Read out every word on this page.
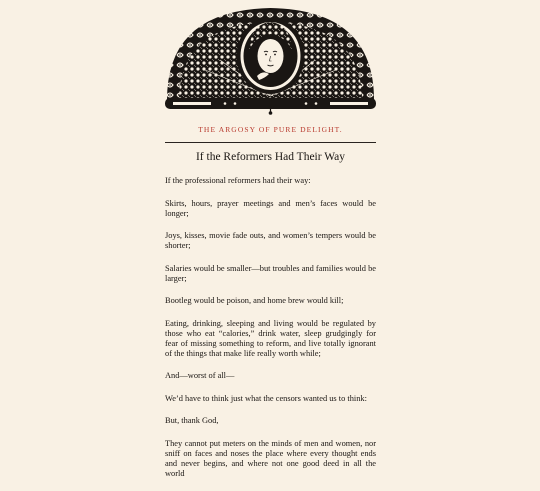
THE ARGOSY OF PURE DELIGHT.
If the Reformers Had Their Way

If the professional reformers had their way:

Skirts, hours, prayer meetings and men’s faces would be longer;

Joys, kisses, movie fade outs, and women’s tempers would be shorter;

Salaries would be smaller—but troubles and families would be larger;

Bootleg would be poison, and home brew would kill;

Eating, drinking, sleeping and living would be regulated by those who eat “calories,” drink water, sleep grudgingly for fear of missing something to reform, and live totally ignorant of the things that make life really worth while;

And—worst of all—

We’d have to think just what the censors wanted us to think:

But, thank God,

They cannot put meters on the minds of men and women, nor sniff on faces and noses the place where every thought ends and never begins, and where not one good deed in all the world
